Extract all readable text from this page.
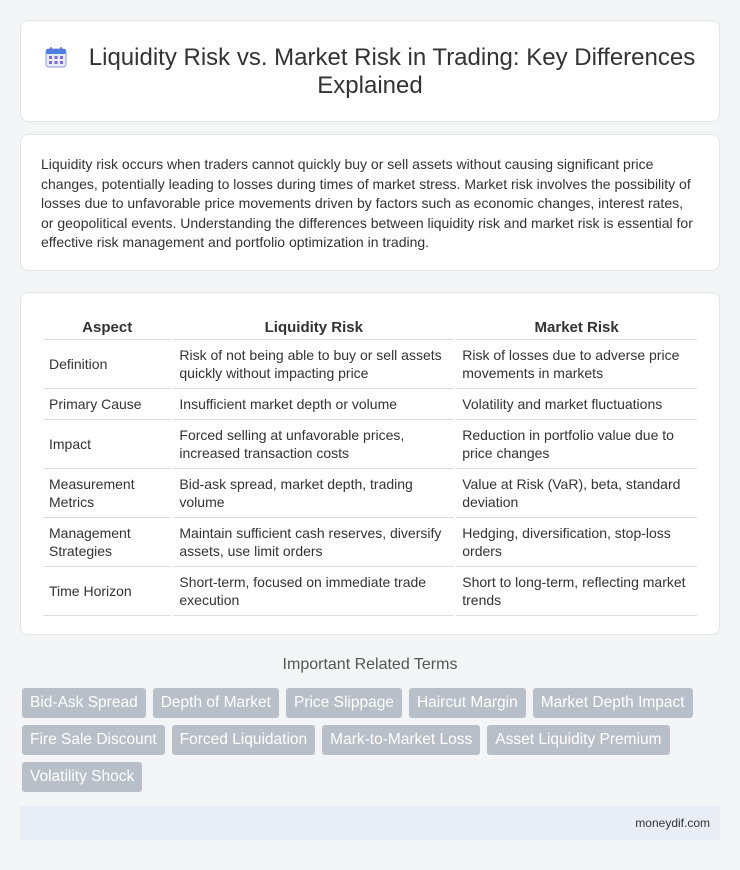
Liquidity Risk vs. Market Risk in Trading: Key Differences Explained

Liquidity risk occurs when traders cannot quickly buy or sell assets without causing significant price changes, potentially leading to losses during times of market stress. Market risk involves the possibility of losses due to unfavorable price movements driven by factors such as economic changes, interest rates, or geopolitical events. Understanding the differences between liquidity risk and market risk is essential for effective risk management and portfolio optimization in trading.

Aspect	Liquidity Risk	Market Risk
Definition	Risk of not being able to buy or sell assets quickly without impacting price	Risk of losses due to adverse price movements in markets
Primary Cause	Insufficient market depth or volume	Volatility and market fluctuations
Impact	Forced selling at unfavorable prices, increased transaction costs	Reduction in portfolio value due to price changes
Measurement Metrics	Bid-ask spread, market depth, trading volume	Value at Risk (VaR), beta, standard deviation
Management Strategies	Maintain sufficient cash reserves, diversify assets, use limit orders	Hedging, diversification, stop-loss orders
Time Horizon	Short-term, focused on immediate trade execution	Short to long-term, reflecting market trends
Important Related Terms
Bid-Ask Spread	Depth of Market	Price Slippage	Haircut Margin	Market Depth Impact
Fire Sale Discount	Forced Liquidation	Mark-to-Market Loss	Asset Liquidity Premium
Volatility Shock
moneydif.com
